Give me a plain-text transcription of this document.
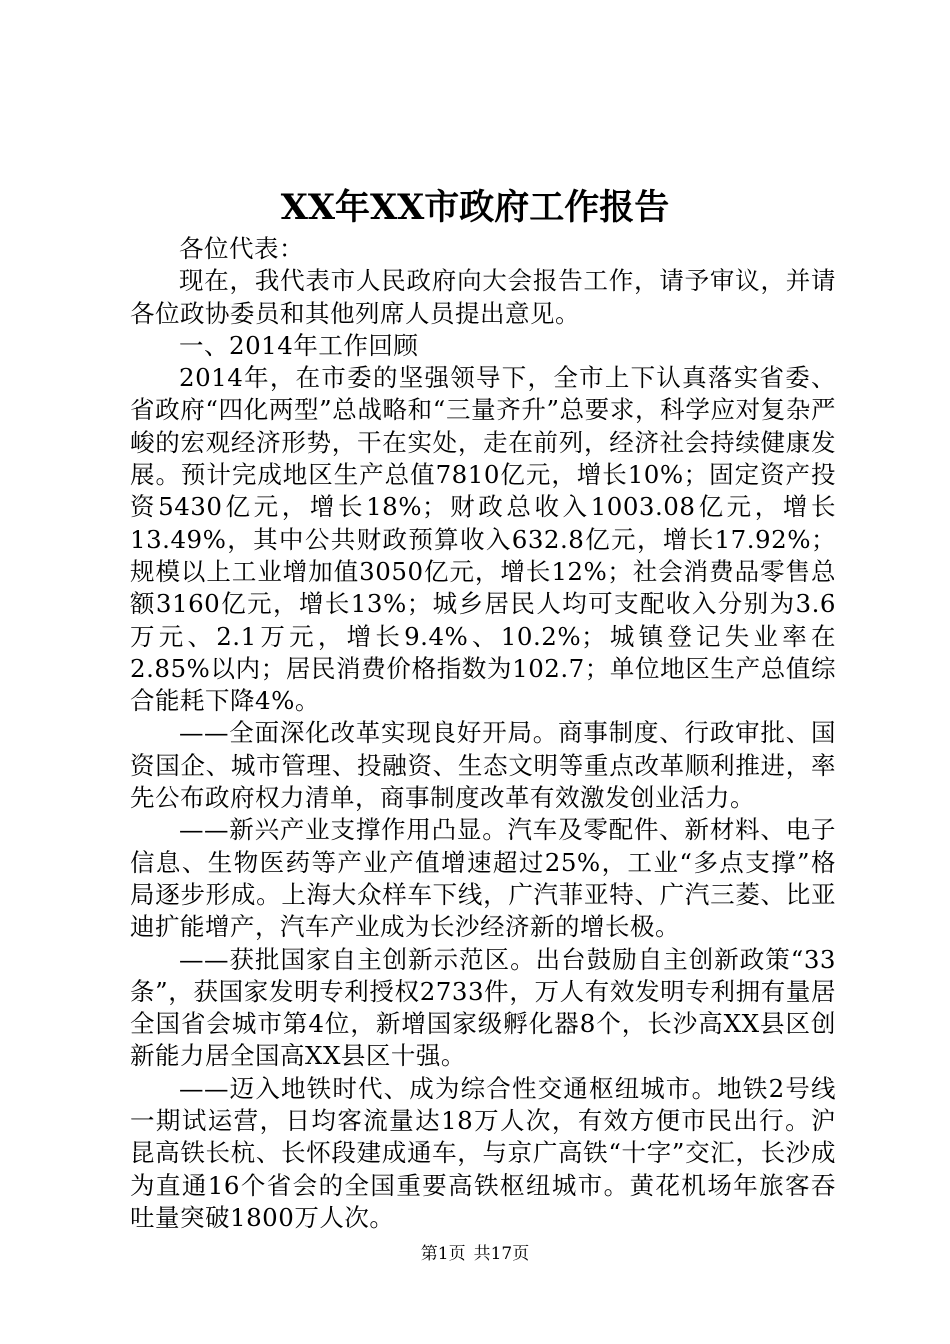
XX年XX市政府工作报告

各位代表：

现在，我代表市人民政府向大会报告工作，请予审议，并请各位政协委员和其他列席人员提出意见。

一、2014年工作回顾

2014年，在市委的坚强领导下，全市上下认真落实省委、省政府“四化两型”总战略和“三量齐升”总要求，科学应对复杂严峻的宏观经济形势，干在实处，走在前列，经济社会持续健康发展。预计完成地区生产总值7810亿元，增长10%；固定资产投资5430亿元，增长18%；财政总收入1003.08亿元，增长13.49%，其中公共财政预算收入632.8亿元，增长17.92%；规模以上工业增加值3050亿元，增长12%；社会消费品零售总额3160亿元，增长13%；城乡居民人均可支配收入分别为3.6万元、2.1万元，增长9.4%、10.2%；城镇登记失业率在2.85%以内；居民消费价格指数为102.7；单位地区生产总值综合能耗下降4%。

——全面深化改革实现良好开局。商事制度、行政审批、国资国企、城市管理、投融资、生态文明等重点改革顺利推进，率先公布政府权力清单，商事制度改革有效激发创业活力。

——新兴产业支撑作用凸显。汽车及零配件、新材料、电子信息、生物医药等产业产值增速超过25%，工业“多点支撑”格局逐步形成。上海大众样车下线，广汽菲亚特、广汽三菱、比亚迪扩能增产，汽车产业成为长沙经济新的增长极。

——获批国家自主创新示范区。出台鼓励自主创新政策“33条”，获国家发明专利授权2733件，万人有效发明专利拥有量居全国省会城市第4位，新增国家级孵化器8个，长沙高XX县区创新能力居全国高XX县区十强。

——迈入地铁时代、成为综合性交通枢纽城市。地铁2号线一期试运营，日均客流量达18万人次，有效方便市民出行。沪昆高铁长杭、长怀段建成通车，与京广高铁“十字”交汇，长沙成为直通16个省会的全国重要高铁枢纽城市。黄花机场年旅客吞吐量突破1800万人次。

第1页 共17页
